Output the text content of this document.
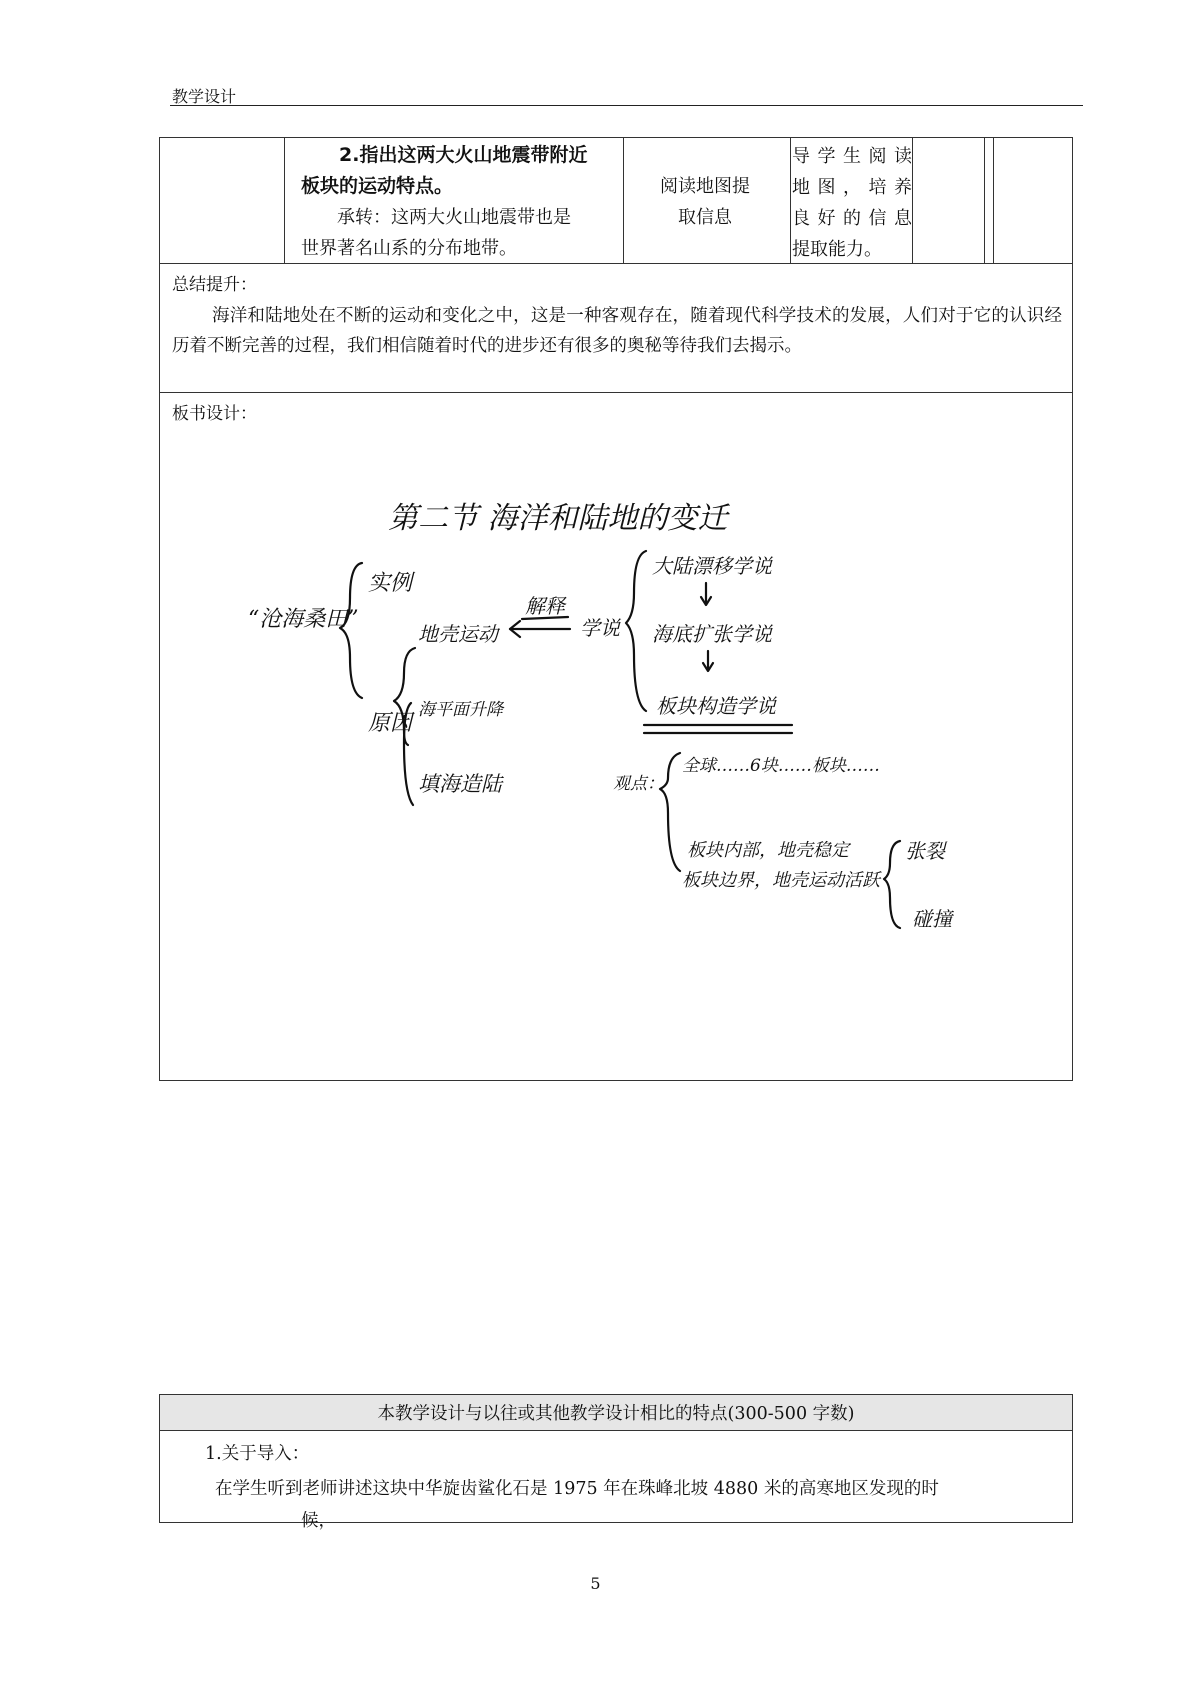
教学设计
2.指出这两大火山地震带附近
板块的运动特点。
承转：这两大火山地震带也是
世界著名山系的分布地带。
阅读地图提取信息
导学生阅读
地图，培养
良好的信息
提取能力。
总结提升：
海洋和陆地处在不断的运动和变化之中，这是一种客观存在，随着现代科学技术的发展，人们对于它的认识经历着不断完善的过程，我们相信随着时代的进步还有很多的奥秘等待我们去揭示。
板书设计：
第二节 海洋和陆地的变迁
“沧海桑田”
实例
原因
地壳运动
海平面升降
填海造陆
解释
学说
大陆漂移学说
海底扩张学说
板块构造学说
观点：
全球……6块……板块……
板块内部，地壳稳定
板块边界，地壳运动活跃
张裂
碰撞
本教学设计与以往或其他教学设计相比的特点(300-500 字数)
1.关于导入：
在学生听到老师讲述这块中华旋齿鲨化石是 1975 年在珠峰北坡 4880 米的高寒地区发现的时
候，
5
